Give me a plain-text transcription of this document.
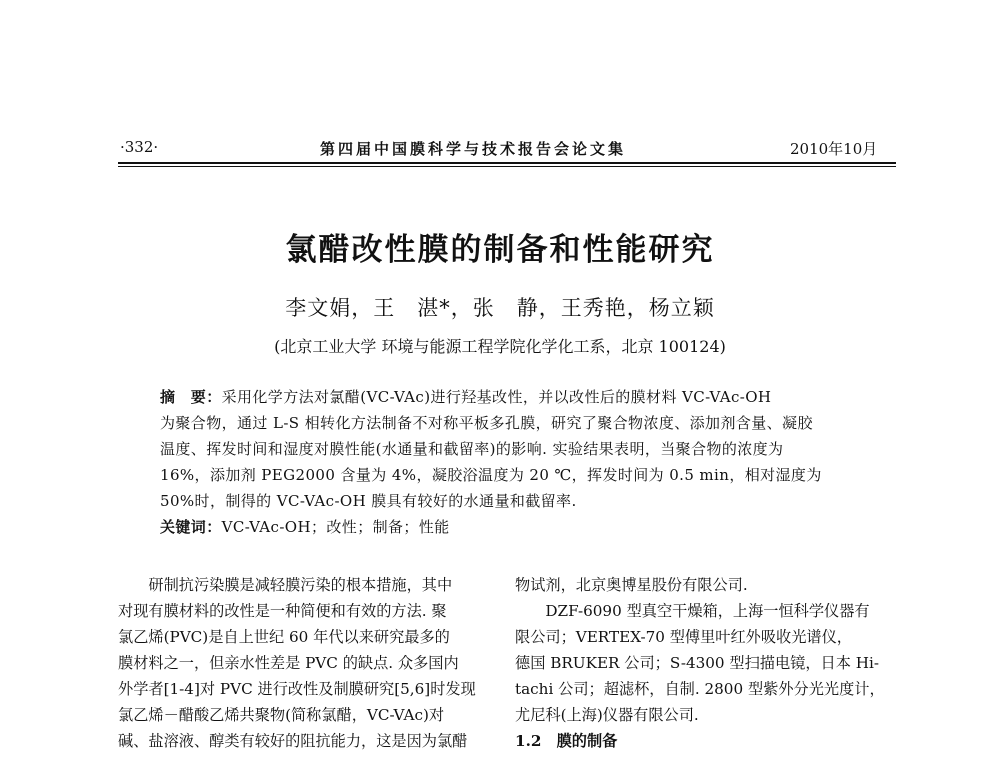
·332·	第四届中国膜科学与技术报告会论文集	2010年10月
氯醋改性膜的制备和性能研究
李文娟，王　湛*，张　静，王秀艳，杨立颖
(北京工业大学 环境与能源工程学院化学化工系，北京 100124)
摘　要：采用化学方法对氯醋(VC-VAc)进行羟基改性，并以改性后的膜材料 VC-VAc-OH
为聚合物，通过 L-S 相转化方法制备不对称平板多孔膜，研究了聚合物浓度、添加剂含量、凝胶
温度、挥发时间和湿度对膜性能(水通量和截留率)的影响. 实验结果表明，当聚合物的浓度为
16%，添加剂 PEG2000 含量为 4%，凝胶浴温度为 20 ℃，挥发时间为 0.5 min，相对湿度为
50%时，制得的 VC-VAc-OH 膜具有较好的水通量和截留率.
关键词：VC-VAc-OH；改性；制备；性能
　　研制抗污染膜是减轻膜污染的根本措施，其中
对现有膜材料的改性是一种简便和有效的方法. 聚
氯乙烯(PVC)是自上世纪 60 年代以来研究最多的
膜材料之一，但亲水性差是 PVC 的缺点. 众多国内
外学者[1-4]对 PVC 进行改性及制膜研究[5,6]时发现
氯乙烯－醋酸乙烯共聚物(简称氯醋，VC-VAc)对
碱、盐溶液、醇类有较好的阻抗能力，这是因为氯醋
物试剂，北京奥博星股份有限公司.
　　DZF-6090 型真空干燥箱，上海一恒科学仪器有
限公司；VERTEX-70 型傅里叶红外吸收光谱仪，
德国 BRUKER 公司；S-4300 型扫描电镜，日本 Hi-
tachi 公司；超滤杯，自制. 2800 型紫外分光光度计，
尤尼科(上海)仪器有限公司.
1.2　膜的制备
